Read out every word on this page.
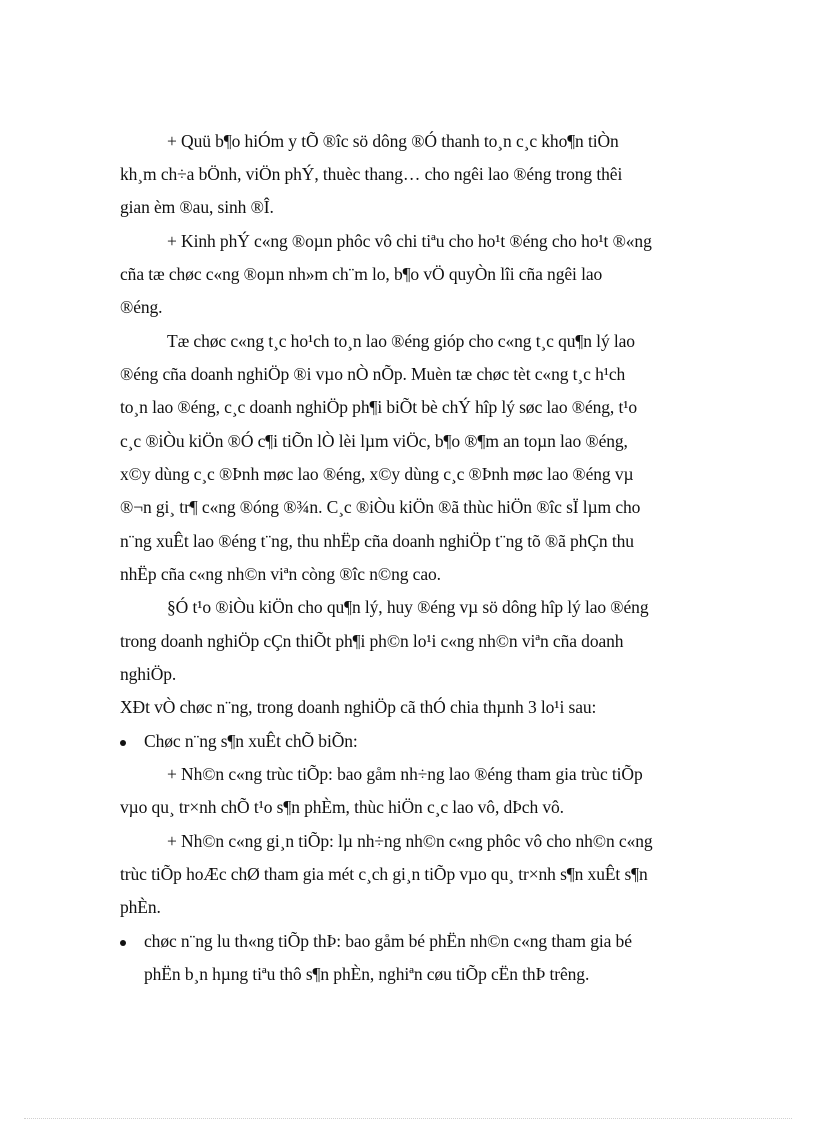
+ Quü b¶o hiÓm y tÕ ®îc sö dông ®Ó thanh to¸n c¸c kho¶n tiÒn
kh¸m ch÷a bÖnh, viÖn phÝ, thuèc thang… cho ngêi lao ®éng trong thêi
gian èm ®au, sinh ®Î.
+ Kinh phÝ c«ng ®oµn phôc vô chi tiªu cho ho¹t ®éng cho ho¹t ®«ng
cña tæ chøc c«ng ®oµn nh»m ch¨m lo, b¶o vÖ quyÒn lîi cña ngêi lao
®éng.
Tæ chøc c«ng t¸c ho¹ch to¸n lao ®éng gióp cho c«ng t¸c qu¶n lý lao
®éng cña doanh nghiÖp ®i vµo nÒ nÕp. Muèn tæ chøc tèt c«ng t¸c h¹ch
to¸n lao ®éng, c¸c doanh nghiÖp ph¶i biÕt bè chÝ hîp lý søc lao ®éng, t¹o
c¸c ®iÒu kiÖn ®Ó c¶i tiÕn lÒ lèi lµm viÖc, b¶o ®¶m an toµn lao ®éng,
x©y dùng c¸c ®Þnh møc lao ®éng, x©y dùng c¸c ®Þnh møc lao ®éng vµ
®¬n gi¸ tr¶ c«ng ®óng ®¾n. C¸c ®iÒu kiÖn ®ã thùc hiÖn ®îc sÏ lµm cho
n¨ng xuÊt lao ®éng t¨ng, thu nhËp cña doanh nghiÖp t¨ng tõ ®ã phÇn thu
nhËp cña c«ng nh©n viªn còng ®îc n©ng cao.
§Ó t¹o ®iÒu kiÖn cho qu¶n lý, huy ®éng vµ sö dông hîp lý lao ®éng
trong doanh nghiÖp cÇn thiÕt ph¶i ph©n lo¹i c«ng nh©n viªn cña doanh
nghiÖp.
XÐt vÒ chøc n¨ng, trong doanh nghiÖp cã thÓ chia thµnh 3 lo¹i sau:
Chøc n¨ng s¶n xuÊt chÕ biÕn:
+ Nh©n c«ng trùc tiÕp: bao gåm nh÷ng lao ®éng tham gia trùc tiÕp
vµo qu¸ tr×nh chÕ t¹o s¶n phÈm, thùc hiÖn c¸c lao vô, dÞch vô.
+ Nh©n c«ng gi¸n tiÕp: lµ nh÷ng nh©n c«ng phôc vô cho nh©n c«ng
trùc tiÕp hoÆc chØ tham gia mét c¸ch gi¸n tiÕp vµo qu¸ tr×nh s¶n xuÊt s¶n
phÈn.
chøc n¨ng lu th«ng tiÕp thÞ: bao gåm bé phËn nh©n c«ng tham gia bé
phËn b¸n hµng tiªu thô s¶n phÈn, nghiªn cøu tiÕp cËn thÞ trêng.
